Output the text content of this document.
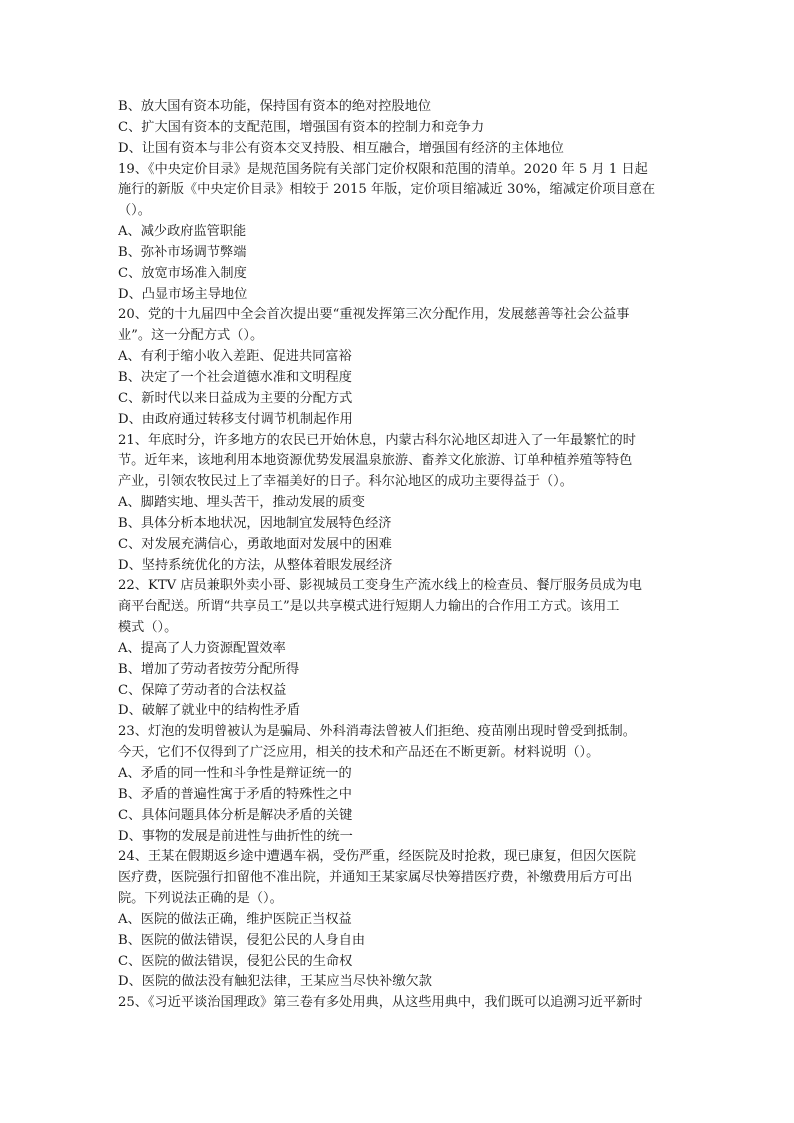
B、放大国有资本功能，保持国有资本的绝对控股地位
C、扩大国有资本的支配范围，增强国有资本的控制力和竞争力
D、让国有资本与非公有资本交叉持股、相互融合，增强国有经济的主体地位
19、《中央定价目录》是规范国务院有关部门定价权限和范围的清单。2020 年 5 月 1 日起
施行的新版《中央定价目录》相较于 2015 年版，定价项目缩减近 30%，缩减定价项目意在
（）。
A、减少政府监管职能
B、弥补市场调节弊端
C、放宽市场准入制度
D、凸显市场主导地位
20、党的十九届四中全会首次提出要“重视发挥第三次分配作用，发展慈善等社会公益事
业”。这一分配方式（）。
A、有利于缩小收入差距、促进共同富裕
B、决定了一个社会道德水准和文明程度
C、新时代以来日益成为主要的分配方式
D、由政府通过转移支付调节机制起作用
21、年底时分，许多地方的农民已开始休息，内蒙古科尔沁地区却进入了一年最繁忙的时
节。近年来，该地利用本地资源优势发展温泉旅游、畜养文化旅游、订单种植养殖等特色
产业，引领农牧民过上了幸福美好的日子。科尔沁地区的成功主要得益于（）。
A、脚踏实地、埋头苦干，推动发展的质变
B、具体分析本地状况，因地制宜发展特色经济
C、对发展充满信心，勇敢地面对发展中的困难
D、坚持系统优化的方法，从整体着眼发展经济
22、KTV 店员兼职外卖小哥、影视城员工变身生产流水线上的检查员、餐厅服务员成为电
商平台配送。所谓“共享员工”是以共享模式进行短期人力输出的合作用工方式。该用工
模式（）。
A、提高了人力资源配置效率
B、增加了劳动者按劳分配所得
C、保障了劳动者的合法权益
D、破解了就业中的结构性矛盾
23、灯泡的发明曾被认为是骗局、外科消毒法曾被人们拒绝、疫苗刚出现时曾受到抵制。
今天，它们不仅得到了广泛应用，相关的技术和产品还在不断更新。材料说明（）。
A、矛盾的同一性和斗争性是辩证统一的
B、矛盾的普遍性寓于矛盾的特殊性之中
C、具体问题具体分析是解决矛盾的关键
D、事物的发展是前进性与曲折性的统一
24、王某在假期返乡途中遭遇车祸，受伤严重，经医院及时抢救，现已康复，但因欠医院
医疗费，医院强行扣留他不准出院，并通知王某家属尽快筹措医疗费，补缴费用后方可出
院。下列说法正确的是（）。
A、医院的做法正确，维护医院正当权益
B、医院的做法错误，侵犯公民的人身自由
C、医院的做法错误，侵犯公民的生命权
D、医院的做法没有触犯法律，王某应当尽快补缴欠款
25、《习近平谈治国理政》第三卷有多处用典，从这些用典中，我们既可以追溯习近平新时
